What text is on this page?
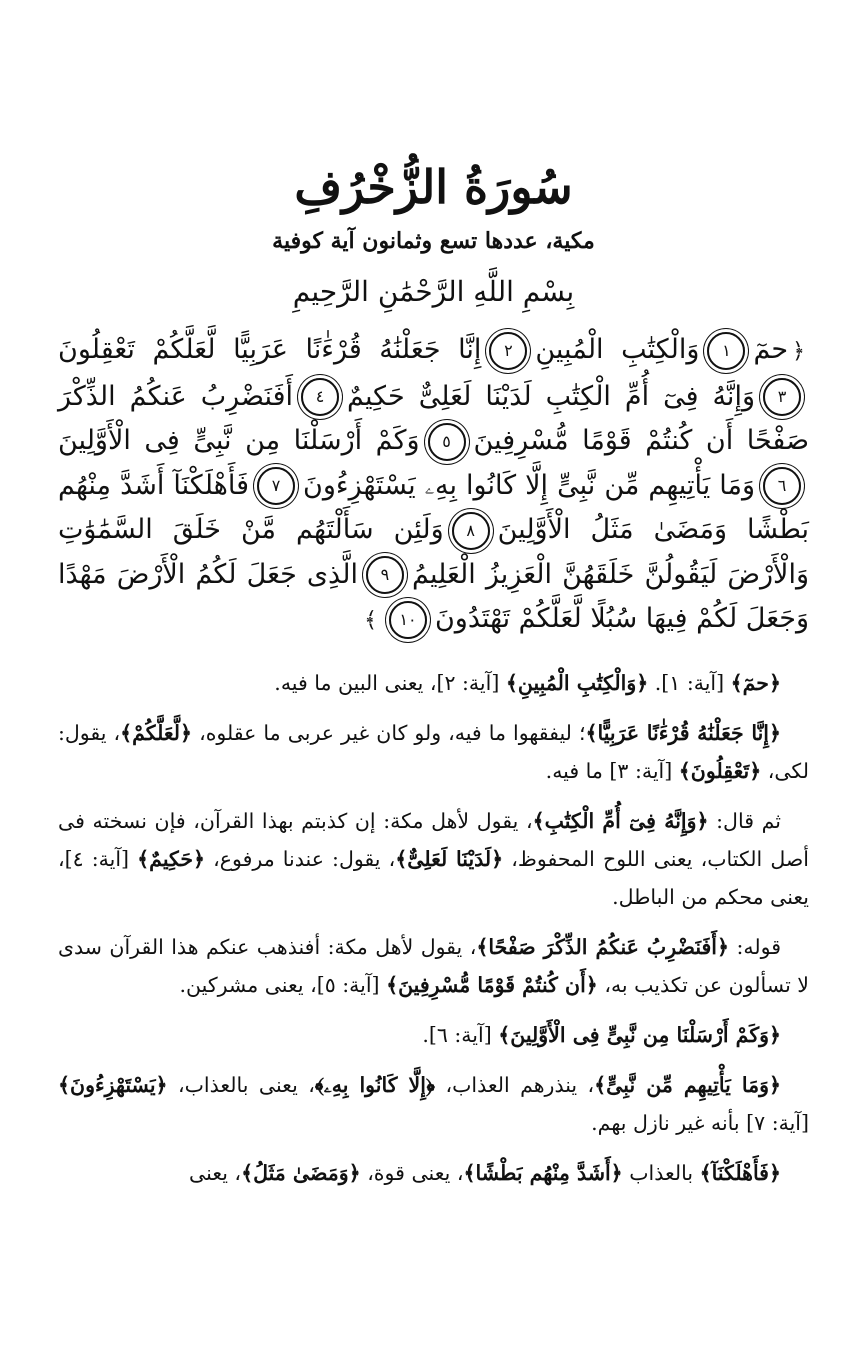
سُورَةُ الزُّخْرُفِ
مكية، عددها تسع وثمانون آية كوفية
بِسْمِ اللَّهِ الرَّحْمَٰنِ الرَّحِيمِ
﴿حمٓ١وَالْكِتَٰبِ الْمُبِينِ٢إِنَّا جَعَلْنَٰهُ قُرْءَٰنًا عَرَبِيًّا لَّعَلَّكُمْ تَعْقِلُونَ٣وَإِنَّهُ فِىٓ أُمِّ الْكِتَٰبِ لَدَيْنَا لَعَلِىٌّ حَكِيمٌ٤أَفَنَضْرِبُ عَنكُمُ الذِّكْرَ صَفْحًا أَن كُنتُمْ قَوْمًا مُّسْرِفِينَ٥وَكَمْ أَرْسَلْنَا مِن نَّبِىٍّ فِى الْأَوَّلِينَ٦وَمَا يَأْتِيهِم مِّن نَّبِىٍّ إِلَّا كَانُوا بِهِۦ يَسْتَهْزِءُونَ٧فَأَهْلَكْنَآ أَشَدَّ مِنْهُم بَطْشًا وَمَضَىٰ مَثَلُ الْأَوَّلِينَ٨وَلَئِن سَأَلْتَهُم مَّنْ خَلَقَ السَّمَٰوَٰتِ وَالْأَرْضَ لَيَقُولُنَّ خَلَقَهُنَّ الْعَزِيزُ الْعَلِيمُ٩الَّذِى جَعَلَ لَكُمُ الْأَرْضَ مَهْدًا وَجَعَلَ لَكُمْ فِيهَا سُبُلًا لَّعَلَّكُمْ تَهْتَدُونَ١٠﴾

﴿حمٓ﴾ [آية: ١]. ﴿وَالْكِتَٰبِ الْمُبِينِ﴾ [آية: ٢]، يعنى البين ما فيه.

﴿إِنَّا جَعَلْنَٰهُ قُرْءَٰنًا عَرَبِيًّا﴾؛ ليفقهوا ما فيه، ولو كان غير عربى ما عقلوه، ﴿لَّعَلَّكُمْ﴾، يقول: لكى، ﴿تَعْقِلُونَ﴾ [آية: ٣] ما فيه.

ثم قال: ﴿وَإِنَّهُ فِىٓ أُمِّ الْكِتَٰبِ﴾، يقول لأهل مكة: إن كذبتم بهذا القرآن، فإن نسخته فى أصل الكتاب، يعنى اللوح المحفوظ، ﴿لَدَيْنَا لَعَلِىٌّ﴾، يقول: عندنا مرفوع، ﴿حَكِيمٌ﴾ [آية: ٤]، يعنى محكم من الباطل.

قوله: ﴿أَفَنَضْرِبُ عَنكُمُ الذِّكْرَ صَفْحًا﴾، يقول لأهل مكة: أفنذهب عنكم هذا القرآن سدى لا تسألون عن تكذيب به، ﴿أَن كُنتُمْ قَوْمًا مُّسْرِفِينَ﴾ [آية: ٥]، يعنى مشركين.

﴿وَكَمْ أَرْسَلْنَا مِن نَّبِىٍّ فِى الْأَوَّلِينَ﴾ [آية: ٦].

﴿وَمَا يَأْتِيهِم مِّن نَّبِىٍّ﴾، ينذرهم العذاب، ﴿إِلَّا كَانُوا بِهِۦ﴾، يعنى بالعذاب، ﴿يَسْتَهْزِءُونَ﴾ [آية: ٧] بأنه غير نازل بهم.

﴿فَأَهْلَكْنَآ﴾ بالعذاب ﴿أَشَدَّ مِنْهُم بَطْشًا﴾، يعنى قوة، ﴿وَمَضَىٰ مَثَلُ﴾، يعنى
